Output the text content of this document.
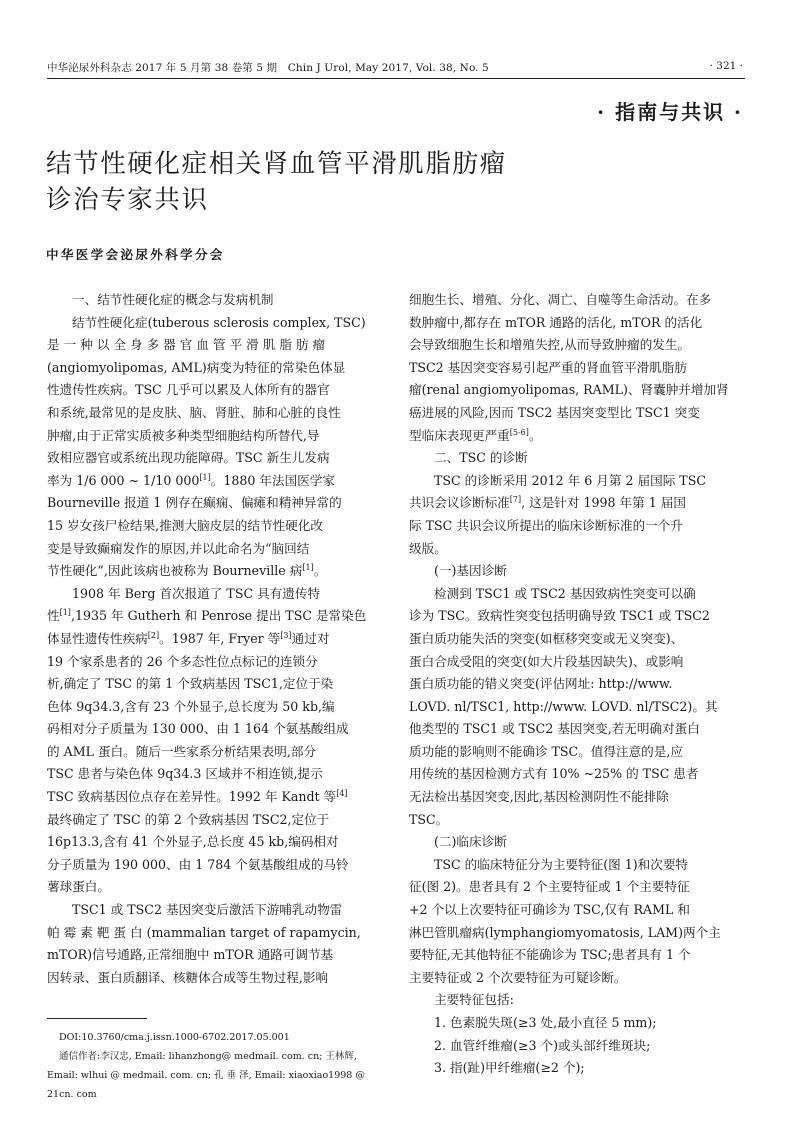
中华泌尿外科杂志 2017 年 5 月第 38 卷第 5 期　Chin J Urol, May 2017, Vol. 38, No. 5	· 321 ·
· 指南与共识 ·
结节性硬化症相关肾血管平滑肌脂肪瘤
诊治专家共识
中华医学会泌尿外科学分会
一、结节性硬化症的概念与发病机制
结节性硬化症(tuberous sclerosis complex, TSC)
是 一 种 以 全 身 多 器 官 血 管 平 滑 肌 脂 肪 瘤
(angiomyolipomas, AML)病变为特征的常染色体显
性遗传性疾病。TSC 几乎可以累及人体所有的器官
和系统,最常见的是皮肤、脑、肾脏、肺和心脏的良性
肿瘤,由于正常实质被多种类型细胞结构所替代,导
致相应器官或系统出现功能障碍。TSC 新生儿发病
率为 1/6 000 ~ 1/10 000[1]。1880 年法国医学家
Bourneville 报道 1 例存在癫痫、偏瘫和精神异常的
15 岁女孩尸检结果,推测大脑皮层的结节性硬化改
变是导致癫痫发作的原因,并以此命名为“脑回结
节性硬化”,因此该病也被称为 Bourneville 病[1]。
1908 年 Berg 首次报道了 TSC 具有遗传特
性[1],1935 年 Gutherh 和 Penrose 提出 TSC 是常染色
体显性遗传性疾病[2]。1987 年, Fryer 等[3]通过对
19 个家系患者的 26 个多态性位点标记的连锁分
析,确定了 TSC 的第 1 个致病基因 TSC1,定位于染
色体 9q34.3,含有 23 个外显子,总长度为 50 kb,编
码相对分子质量为 130 000、由 1 164 个氨基酸组成
的 AML 蛋白。随后一些家系分析结果表明,部分
TSC 患者与染色体 9q34.3 区域并不相连锁,提示
TSC 致病基因位点存在差异性。1992 年 Kandt 等[4]
最终确定了 TSC 的第 2 个致病基因 TSC2,定位于
16p13.3,含有 41 个外显子,总长度 45 kb,编码相对
分子质量为 190 000、由 1 784 个氨基酸组成的马铃
薯球蛋白。
TSC1 或 TSC2 基因突变后激活下游哺乳动物雷
帕 霉 素 靶 蛋 白 (mammalian target of rapamycin,
mTOR)信号通路,正常细胞中 mTOR 通路可调节基
因转录、蛋白质翻译、核糖体合成等生物过程,影响
细胞生长、增殖、分化、凋亡、自噬等生命活动。在多
数肿瘤中,都存在 mTOR 通路的活化, mTOR 的活化
会导致细胞生长和增殖失控,从而导致肿瘤的发生。
TSC2 基因突变容易引起严重的肾血管平滑肌脂肪
瘤(renal angiomyolipomas, RAML)、肾囊肿并增加肾
癌进展的风险,因而 TSC2 基因突变型比 TSC1 突变
型临床表现更严重[5-6]。
二、TSC 的诊断
TSC 的诊断采用 2012 年 6 月第 2 届国际 TSC
共识会议诊断标准[7], 这是针对 1998 年第 1 届国
际 TSC 共识会议所提出的临床诊断标准的一个升
级版。
(一)基因诊断
检测到 TSC1 或 TSC2 基因致病性突变可以确
诊为 TSC。致病性突变包括明确导致 TSC1 或 TSC2
蛋白质功能失活的突变(如框移突变或无义突变)、
蛋白合成受阻的突变(如大片段基因缺失)、或影响
蛋白质功能的错义突变(评估网址: http://www.
LOVD. nl/TSC1, http://www. LOVD. nl/TSC2)。其
他类型的 TSC1 或 TSC2 基因突变,若无明确对蛋白
质功能的影响则不能确诊 TSC。值得注意的是,应
用传统的基因检测方式有 10% ~25% 的 TSC 患者
无法检出基因突变,因此,基因检测阴性不能排除
TSC。
(二)临床诊断
TSC 的临床特征分为主要特征(图 1)和次要特
征(图 2)。患者具有 2 个主要特征或 1 个主要特征
+2 个以上次要特征可确诊为 TSC,仅有 RAML 和
淋巴管肌瘤病(lymphangiomyomatosis, LAM)两个主
要特征,无其他特征不能确诊为 TSC;患者具有 1 个
主要特征或 2 个次要特征为可疑诊断。
主要特征包括:
1. 色素脱失斑(≥3 处,最小直径 5 mm);
2. 血管纤维瘤(≥3 个)或头部纤维斑块;
3. 指(趾)甲纤维瘤(≥2 个);
DOI:10.3760/cma.j.issn.1000-6702.2017.05.001
通信作者:李汉忠, Email: lihanzhong@ medmail. com. cn; 王林辉,
Email: wlhui @ medmail. com. cn; 孔 垂 泽, Email: xiaoxiao1998 @
21cn. com
